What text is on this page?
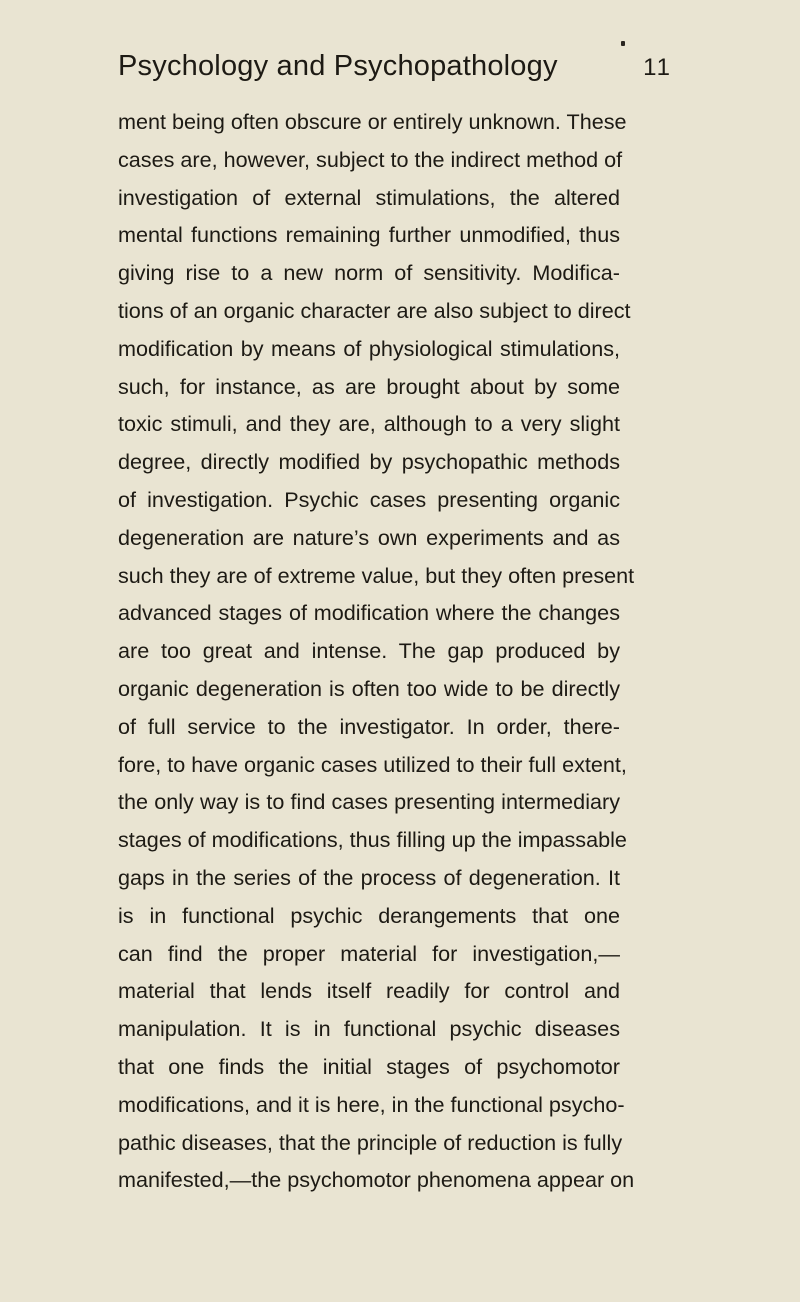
Psychology and Psychopathology	11
ment being often obscure or entirely unknown. These
cases are, however, subject to the indirect method of
investigation of external stimulations, the altered
mental functions remaining further unmodified, thus
giving rise to a new norm of sensitivity. Modifica-
tions of an organic character are also subject to direct
modification by means of physiological stimulations,
such, for instance, as are brought about by some
toxic stimuli, and they are, although to a very slight
degree, directly modified by psychopathic methods
of investigation. Psychic cases presenting organic
degeneration are nature’s own experiments and as
such they are of extreme value, but they often present
advanced stages of modification where the changes
are too great and intense. The gap produced by
organic degeneration is often too wide to be directly
of full service to the investigator. In order, there-
fore, to have organic cases utilized to their full extent,
the only way is to find cases presenting intermediary
stages of modifications, thus filling up the impassable
gaps in the series of the process of degeneration. It
is in functional psychic derangements that one
can find the proper material for investigation,—
material that lends itself readily for control and
manipulation. It is in functional psychic diseases
that one finds the initial stages of psychomotor
modifications, and it is here, in the functional psycho-
pathic diseases, that the principle of reduction is fully
manifested,—the psychomotor phenomena appear on
